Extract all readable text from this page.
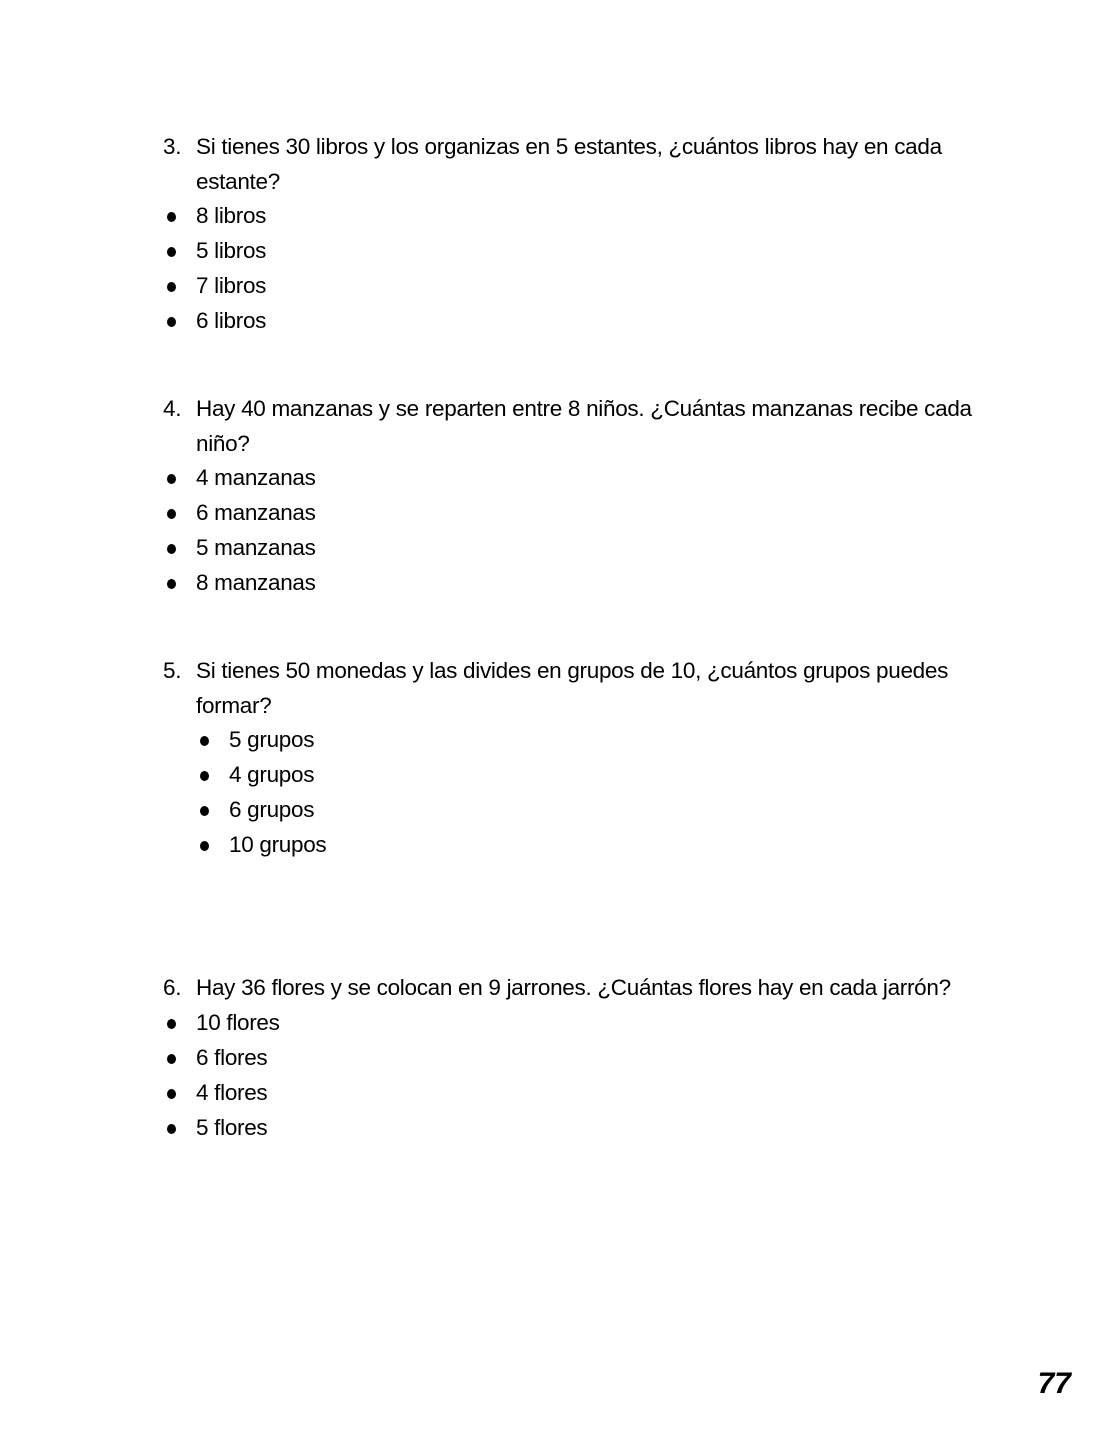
3. Si tienes 30 libros y los organizas en 5 estantes, ¿cuántos libros hay en cada estante?
8 libros
5 libros
7 libros
6 libros
4. Hay 40 manzanas y se reparten entre 8 niños. ¿Cuántas manzanas recibe cada niño?
4 manzanas
6 manzanas
5 manzanas
8 manzanas
5. Si tienes 50 monedas y las divides en grupos de 10, ¿cuántos grupos puedes formar?
5 grupos
4 grupos
6 grupos
10 grupos
6. Hay 36 flores y se colocan en 9 jarrones. ¿Cuántas flores hay en cada jarrón?
10 flores
6 flores
4 flores
5 flores
77
